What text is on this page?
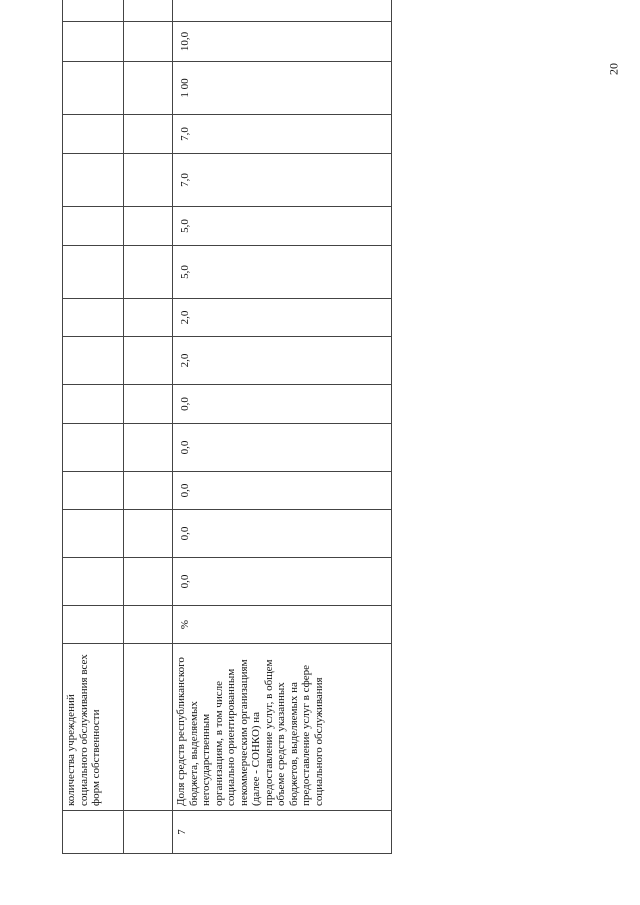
20
	количества учреждений социального обслуживания всех форм собственности																

7	Доля средств республиканского бюджета, выделяемых негосударственным организациям, в том числе социально ориентированным некоммерческим организациям (далее - СОНКО) на предоставление услуг, в общем объеме средств указанных бюджетов, выделяемых на предоставление услуг в сфере социального обслуживания	%	0,0	0,0	0,0	0,0	0,0	2,0	2,0	5,0	5,0	7,0	7,0	1 00	10,0		
